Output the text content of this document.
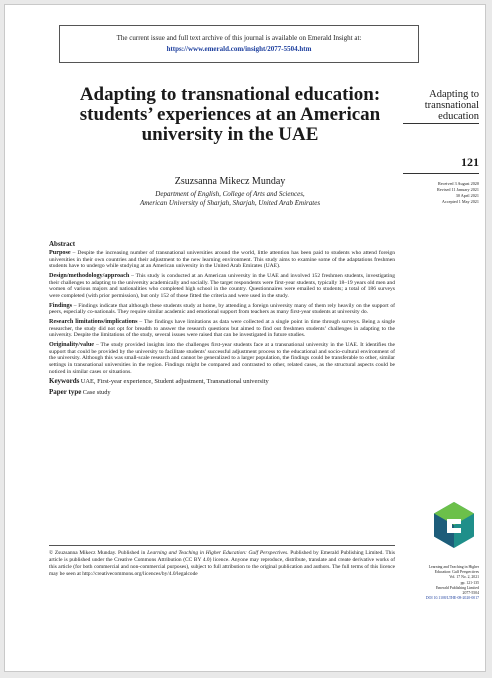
The current issue and full text archive of this journal is available on Emerald Insight at:
https://www.emerald.com/insight/2077-5504.htm
Adapting to transnational education: students’ experiences at an American university in the UAE
Adapting to transnational education
121
Received 3 August 2020
Revised 11 January 2021
30 April 2021
Accepted 1 May 2021
Zsuzsanna Mikecz Munday
Department of English, College of Arts and Sciences,
American University of Sharjah, Sharjah, United Arab Emirates
Abstract

Purpose – Despite the increasing number of transnational universities around the world, little attention has been paid to students who attend foreign universities in their own countries and their adjustment to the new learning environment. This study aims to examine some of the adaptations freshmen students have to undergo while studying at an American university in the United Arab Emirates (UAE).

Design/methodology/approach – This study is conducted at an American university in the UAE and involved 152 freshmen students, investigating their challenges to adapting to the university academically and socially. The target respondents were first-year students, typically 18–19 years old men and women of various majors and nationalities who completed high school in the country. Questionnaires were emailed to students; a total of 186 surveys were completed (with prior permission), but only 152 of those fitted the criteria and were used in the study.

Findings – Findings indicate that although these students study at home, by attending a foreign university many of them rely heavily on the support of peers, especially co-nationals. They require similar academic and emotional support from teachers as many first-year students at university do.

Research limitations/implications – The findings have limitations as data were collected at a single point in time through surveys. Being a single researcher, the study did not opt for breadth to answer the research questions but aimed to find out freshmen students’ challenges in adapting to the university. Despite the limitations of the study, several issues were raised that can be investigated in future studies.

Originality/value – The study provided insights into the challenges first-year students face at a transnational university in the UAE. It identifies the support that could be provided by the university to facilitate students’ successful adjustment process to the educational and socio-cultural environment of the university. Although this was small-scale research and cannot be generalized to a larger population, the findings could be transferable to other, similar settings in transnational universities in the region. Findings might be compared and contrasted to other, related cases, as the structural aspects could be noticed in similar cases or situations.

Keywords UAE, First-year experience, Student adjustment, Transnational university

Paper type Case study

© Zsuzsanna Mikecz Munday. Published in Learning and Teaching in Higher Education: Gulf Perspectives. Published by Emerald Publishing Limited. This article is published under the Creative Commons Attribution (CC BY 4.0) licence. Anyone may reproduce, distribute, translate and create derivative works of this article (for both commercial and non-commercial purposes), subject to full attribution to the original publication and authors. The full terms of this licence may be seen at http://creativecommons.org/licences/by/4.0/legalcode
Learning and Teaching in Higher
Education: Gulf Perspectives
Vol. 17 No. 2, 2021
pp. 121-135
Emerald Publishing Limited
2077-5504
DOI 10.1108/LTHE-08-2020-0017
